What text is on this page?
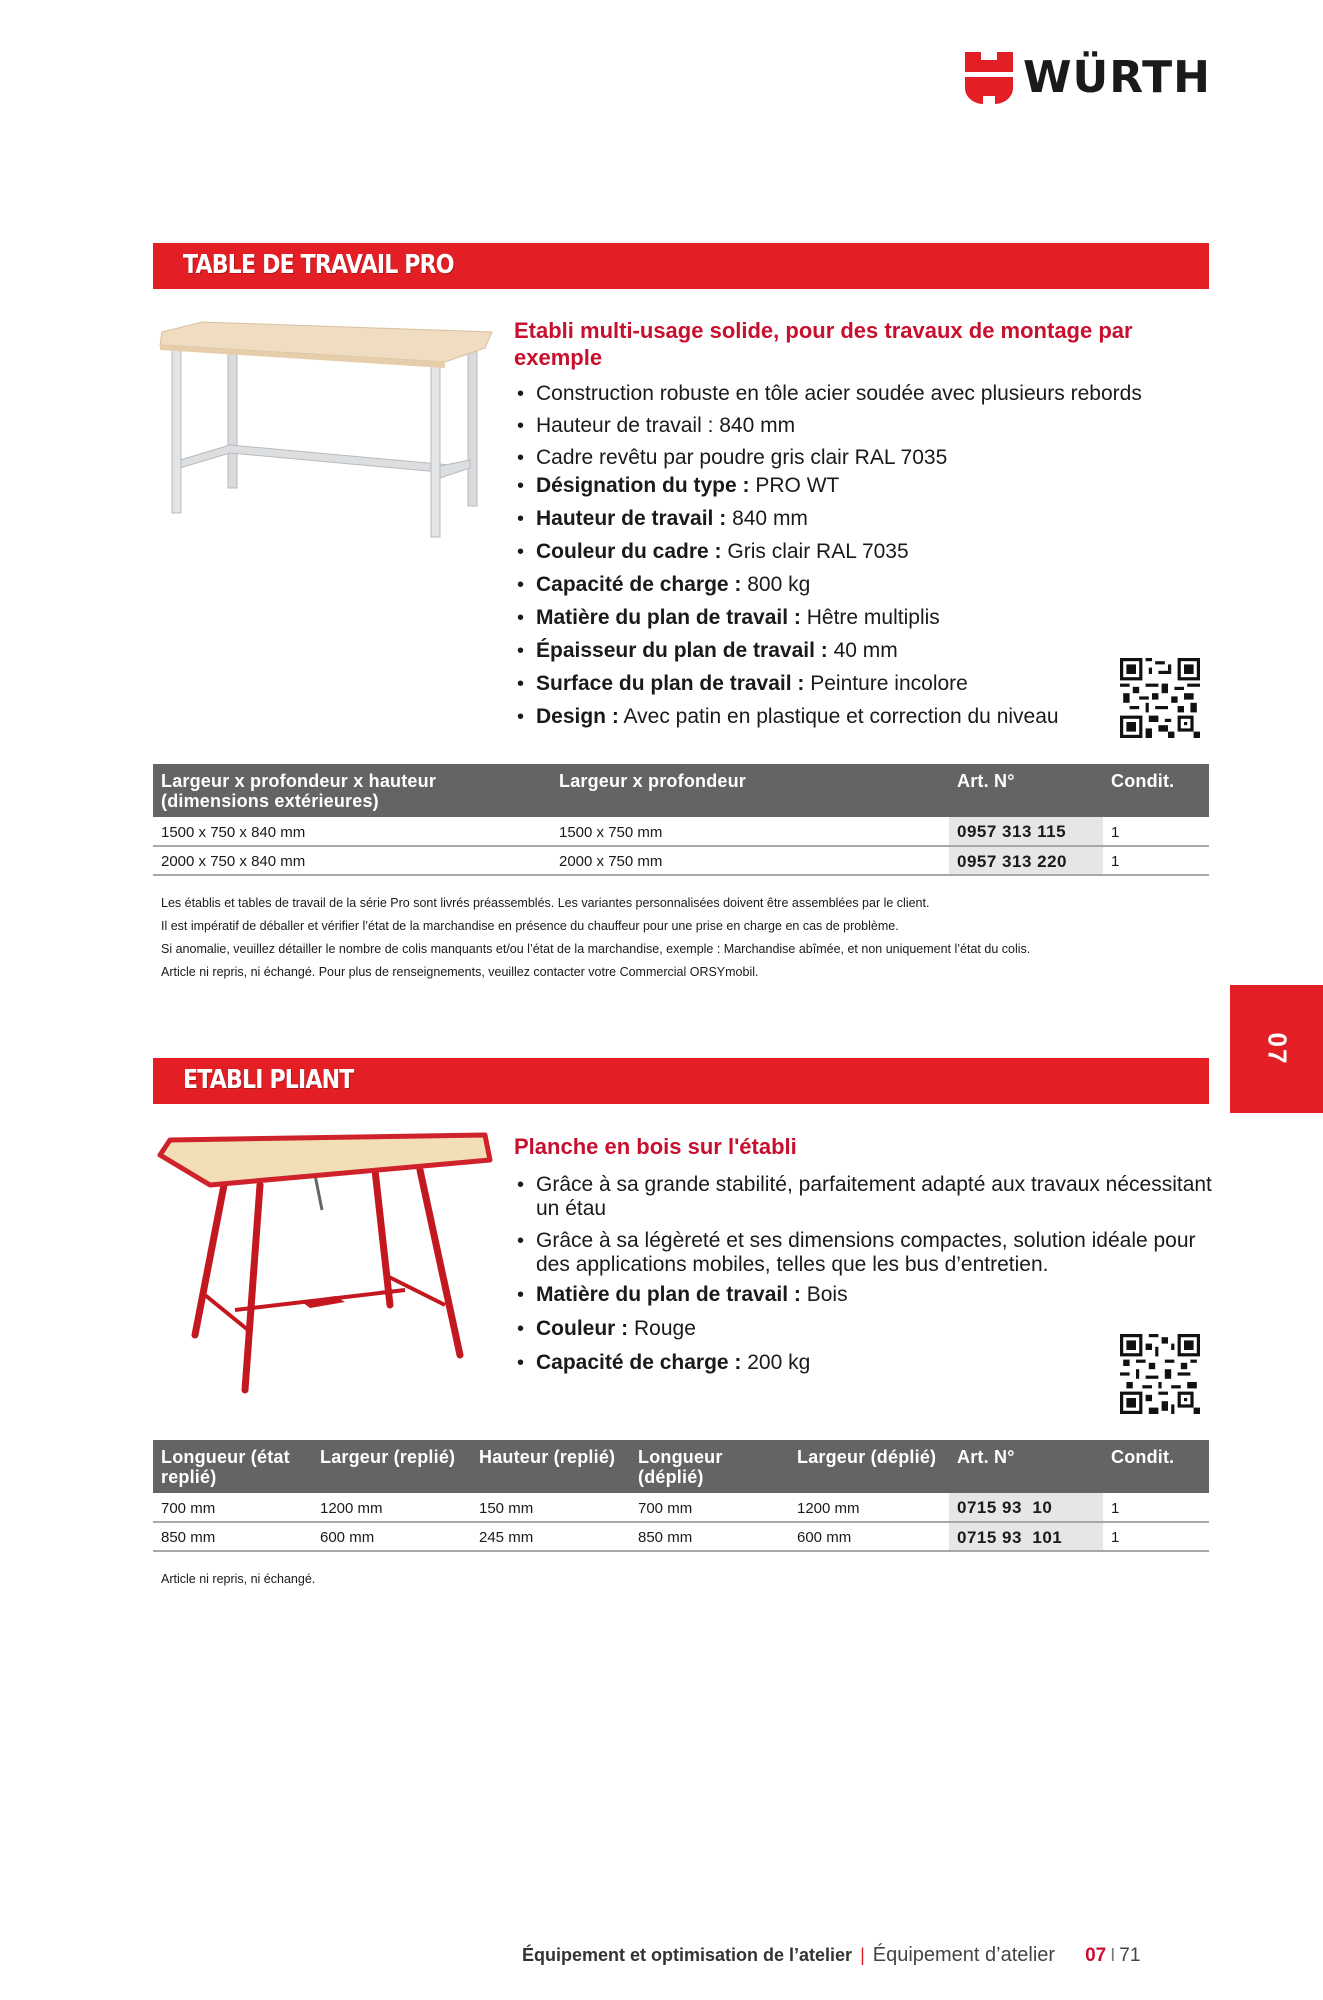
WÜRTH
TABLE DE TRAVAIL PRO
Etabli multi-usage solide, pour des travaux de montage par exemple
• Construction robuste en tôle acier soudée avec plusieurs rebords
• Hauteur de travail : 840 mm
• Cadre revêtu par poudre gris clair RAL 7035
• Désignation du type : PRO WT
• Hauteur de travail : 840 mm
• Couleur du cadre : Gris clair RAL 7035
• Capacité de charge : 800 kg
• Matière du plan de travail : Hêtre multiplis
• Épaisseur du plan de travail : 40 mm
• Surface du plan de travail : Peinture incolore
• Design : Avec patin en plastique et correction du niveau
Largeur x profondeur x hauteur (dimensions extérieures)	Largeur x profondeur	Art. N°	Condit.
1500 x 750 x 840 mm	1500 x 750 mm	0957 313 115	1
2000 x 750 x 840 mm	2000 x 750 mm	0957 313 220	1
Les établis et tables de travail de la série Pro sont livrés préassemblés. Les variantes personnalisées doivent être assemblées par le client.
Il est impératif de déballer et vérifier l’état de la marchandise en présence du chauffeur pour une prise en charge en cas de problème.
Si anomalie, veuillez détailler le nombre de colis manquants et/ou l’état de la marchandise, exemple : Marchandise abîmée, et non uniquement l’état du colis.
Article ni repris, ni échangé. Pour plus de renseignements, veuillez contacter votre Commercial ORSYmobil.
07
ETABLI PLIANT
Planche en bois sur l'établi
• Grâce à sa grande stabilité, parfaitement adapté aux travaux nécessitant un étau
• Grâce à sa légèreté et ses dimensions compactes, solution idéale pour des applications mobiles, telles que les bus d’entretien.
• Matière du plan de travail : Bois
• Couleur : Rouge
• Capacité de charge : 200 kg
Longueur (état replié)	Largeur (replié)	Hauteur (replié)	Longueur (déplié)	Largeur (déplié)	Art. N°	Condit.
700 mm	1200 mm	150 mm	700 mm	1200 mm	0715 93  10	1
850 mm	600 mm	245 mm	850 mm	600 mm	0715 93  101	1
Article ni repris, ni échangé.
Équipement et optimisation de l’atelier | Équipement d’atelier 07 I 71
